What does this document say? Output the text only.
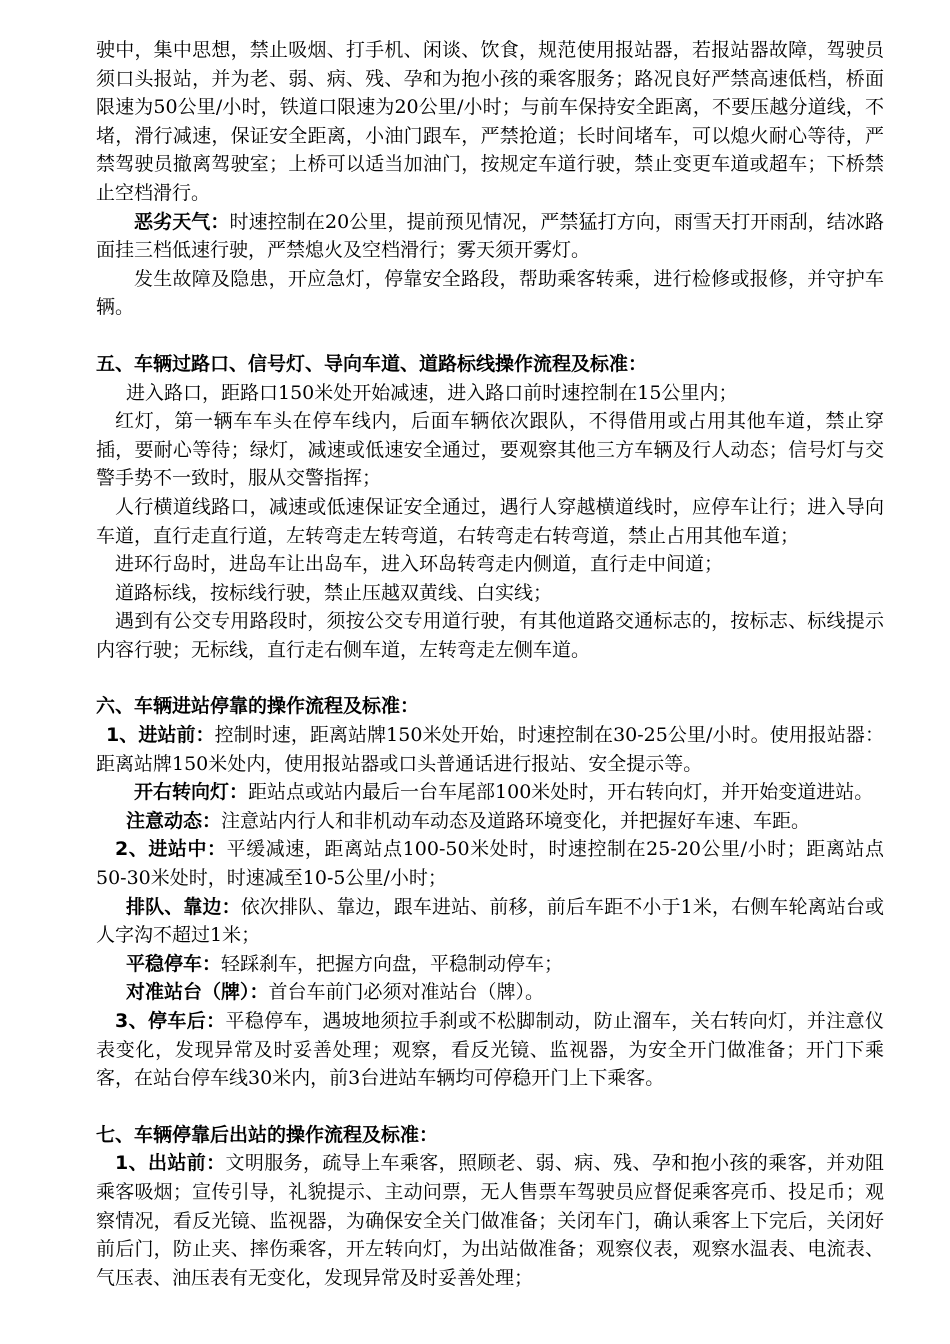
驶中，集中思想，禁止吸烟、打手机、闲谈、饮食，规范使用报站器，若报站器故障，驾驶员须口头报站，并为老、弱、病、残、孕和为抱小孩的乘客服务；路况良好严禁高速低档，桥面限速为50公里/小时，铁道口限速为20公里/小时；与前车保持安全距离，不要压越分道线，不堵，滑行减速，保证安全距离，小油门跟车，严禁抢道；长时间堵车，可以熄火耐心等待，严禁驾驶员撤离驾驶室；上桥可以适当加油门，按规定车道行驶，禁止变更车道或超车；下桥禁止空档滑行。

恶劣天气：时速控制在20公里，提前预见情况，严禁猛打方向，雨雪天打开雨刮，结冰路面挂三档低速行驶，严禁熄火及空档滑行；雾天须开雾灯。

发生故障及隐患，开应急灯，停靠安全路段，帮助乘客转乘，进行检修或报修，并守护车辆。

五、车辆过路口、信号灯、导向车道、道路标线操作流程及标准：

进入路口，距路口150米处开始减速，进入路口前时速控制在15公里内；

红灯，第一辆车车头在停车线内，后面车辆依次跟队，不得借用或占用其他车道，禁止穿插，要耐心等待；绿灯，减速或低速安全通过，要观察其他三方车辆及行人动态；信号灯与交警手势不一致时，服从交警指挥；

人行横道线路口，减速或低速保证安全通过，遇行人穿越横道线时，应停车让行；进入导向车道，直行走直行道，左转弯走左转弯道，右转弯走右转弯道，禁止占用其他车道；

进环行岛时，进岛车让出岛车，进入环岛转弯走内侧道，直行走中间道；

道路标线，按标线行驶，禁止压越双黄线、白实线；

遇到有公交专用路段时，须按公交专用道行驶，有其他道路交通标志的，按标志、标线提示内容行驶；无标线，直行走右侧车道，左转弯走左侧车道。

六、车辆进站停靠的操作流程及标准：

1、进站前：控制时速，距离站牌150米处开始，时速控制在30-25公里/小时。使用报站器：距离站牌150米处内，使用报站器或口头普通话进行报站、安全提示等。

开右转向灯：距站点或站内最后一台车尾部100米处时，开右转向灯，并开始变道进站。

注意动态：注意站内行人和非机动车动态及道路环境变化，并把握好车速、车距。

2、进站中：平缓减速，距离站点100-50米处时，时速控制在25-20公里/小时；距离站点50-30米处时，时速减至10-5公里/小时；

排队、靠边：依次排队、靠边，跟车进站、前移，前后车距不小于1米，右侧车轮离站台或人字沟不超过1米；

平稳停车：轻踩刹车，把握方向盘，平稳制动停车；

对准站台（牌）：首台车前门必须对准站台（牌）。

3、停车后：平稳停车，遇坡地须拉手刹或不松脚制动，防止溜车，关右转向灯，并注意仪表变化，发现异常及时妥善处理；观察，看反光镜、监视器，为安全开门做准备；开门下乘客，在站台停车线30米内，前3台进站车辆均可停稳开门上下乘客。

七、车辆停靠后出站的操作流程及标准：

1、出站前：文明服务，疏导上车乘客，照顾老、弱、病、残、孕和抱小孩的乘客，并劝阻乘客吸烟；宣传引导，礼貌提示、主动问票，无人售票车驾驶员应督促乘客亮币、投足币；观察情况，看反光镜、监视器，为确保安全关门做准备；关闭车门，确认乘客上下完后，关闭好前后门，防止夹、摔伤乘客，开左转向灯，为出站做准备；观察仪表，观察水温表、电流表、气压表、油压表有无变化，发现异常及时妥善处理；
